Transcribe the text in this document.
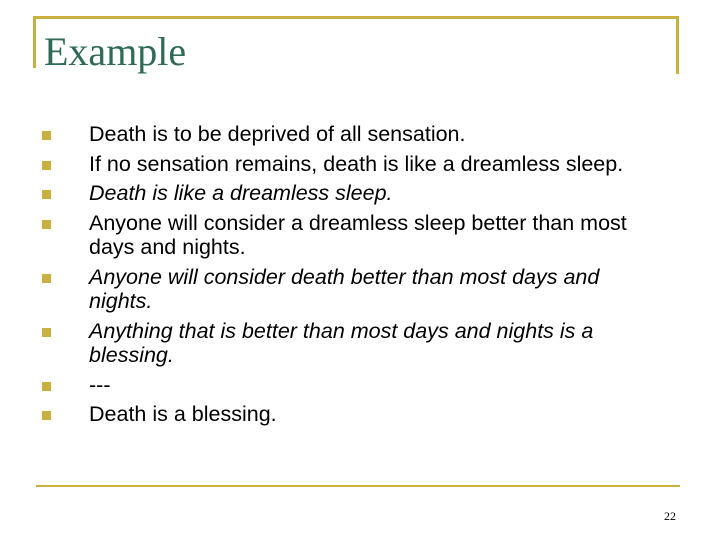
Example
Death is to be deprived of all sensation.
If no sensation remains, death is like a dreamless sleep.
Death is like a dreamless sleep.
Anyone will consider a dreamless sleep better than most days and nights.
Anyone will consider death better than most days and nights.
Anything that is better than most days and nights is a blessing.
---
Death is a blessing.
22
